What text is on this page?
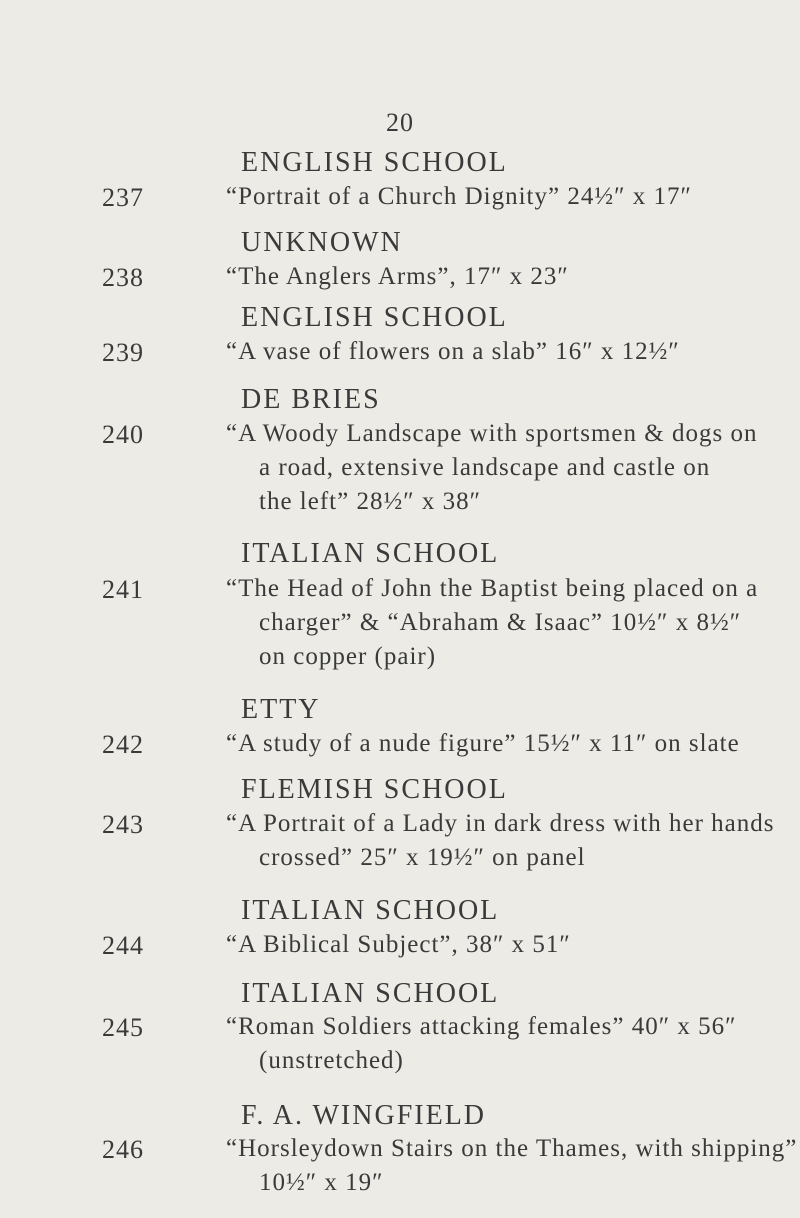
20
ENGLISH SCHOOL
237	“Portrait of a Church Dignity” 24½″ x 17″
UNKNOWN
238	“The Anglers Arms”, 17″ x 23″
ENGLISH SCHOOL
239	“A vase of flowers on a slab” 16″ x 12½″
DE BRIES
240	“A Woody Landscape with sportsmen & dogs on
a road, extensive landscape and castle on
the left” 28½″ x 38″
ITALIAN SCHOOL
241	“The Head of John the Baptist being placed on a
charger” & “Abraham & Isaac” 10½″ x 8½″
on copper (pair)
ETTY
242	“A study of a nude figure” 15½″ x 11″ on slate
FLEMISH SCHOOL
243	“A Portrait of a Lady in dark dress with her hands
crossed” 25″ x 19½″ on panel
ITALIAN SCHOOL
244	“A Biblical Subject”, 38″ x 51″
ITALIAN SCHOOL
245	“Roman Soldiers attacking females” 40″ x 56″
(unstretched)
F. A. WINGFIELD
246	“Horsleydown Stairs on the Thames, with shipping”
10½″ x 19″
